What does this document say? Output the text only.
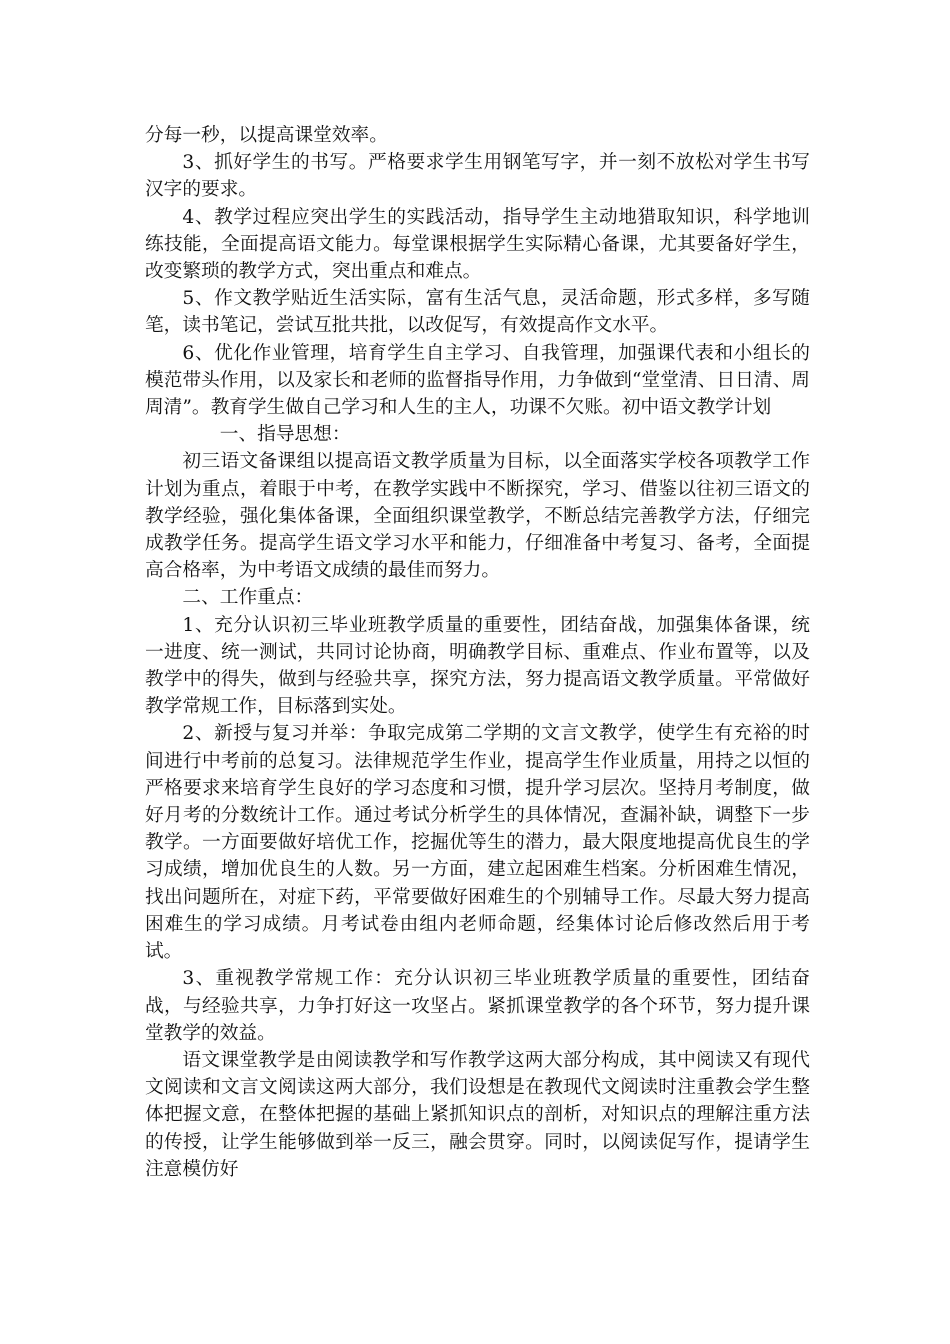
分每一秒，以提高课堂效率。

3、抓好学生的书写。严格要求学生用钢笔写字，并一刻不放松对学生书写汉字的要求。

4、教学过程应突出学生的实践活动，指导学生主动地猎取知识，科学地训练技能，全面提高语文能力。每堂课根据学生实际精心备课，尤其要备好学生，改变繁琐的教学方式，突出重点和难点。

5、作文教学贴近生活实际，富有生活气息，灵活命题，形式多样，多写随笔，读书笔记，尝试互批共批，以改促写，有效提高作文水平。

6、优化作业管理，培育学生自主学习、自我管理，加强课代表和小组长的模范带头作用，以及家长和老师的监督指导作用，力争做到“堂堂清、日日清、周周清”。教育学生做自己学习和人生的主人，功课不欠账。初中语文教学计划

一、指导思想：

初三语文备课组以提高语文教学质量为目标，以全面落实学校各项教学工作计划为重点，着眼于中考，在教学实践中不断探究，学习、借鉴以往初三语文的教学经验，强化集体备课，全面组织课堂教学，不断总结完善教学方法，仔细完成教学任务。提高学生语文学习水平和能力，仔细准备中考复习、备考，全面提高合格率，为中考语文成绩的最佳而努力。

二、工作重点：

1、充分认识初三毕业班教学质量的重要性，团结奋战，加强集体备课，统一进度、统一测试，共同讨论协商，明确教学目标、重难点、作业布置等，以及教学中的得失，做到与经验共享，探究方法，努力提高语文教学质量。平常做好教学常规工作，目标落到实处。

2、新授与复习并举：争取完成第二学期的文言文教学，使学生有充裕的时间进行中考前的总复习。法律规范学生作业，提高学生作业质量，用持之以恒的严格要求来培育学生良好的学习态度和习惯，提升学习层次。坚持月考制度，做好月考的分数统计工作。通过考试分析学生的具体情况，查漏补缺，调整下一步教学。一方面要做好培优工作，挖掘优等生的潜力，最大限度地提高优良生的学习成绩，增加优良生的人数。另一方面，建立起困难生档案。分析困难生情况，找出问题所在，对症下药，平常要做好困难生的个别辅导工作。尽最大努力提高困难生的学习成绩。月考试卷由组内老师命题，经集体讨论后修改然后用于考试。

3、重视教学常规工作：充分认识初三毕业班教学质量的重要性，团结奋战，与经验共享，力争打好这一攻坚占。紧抓课堂教学的各个环节，努力提升课堂教学的效益。

语文课堂教学是由阅读教学和写作教学这两大部分构成，其中阅读又有现代文阅读和文言文阅读这两大部分，我们设想是在教现代文阅读时注重教会学生整体把握文意，在整体把握的基础上紧抓知识点的剖析，对知识点的理解注重方法的传授，让学生能够做到举一反三，融会贯穿。同时，以阅读促写作，提请学生注意模仿好
